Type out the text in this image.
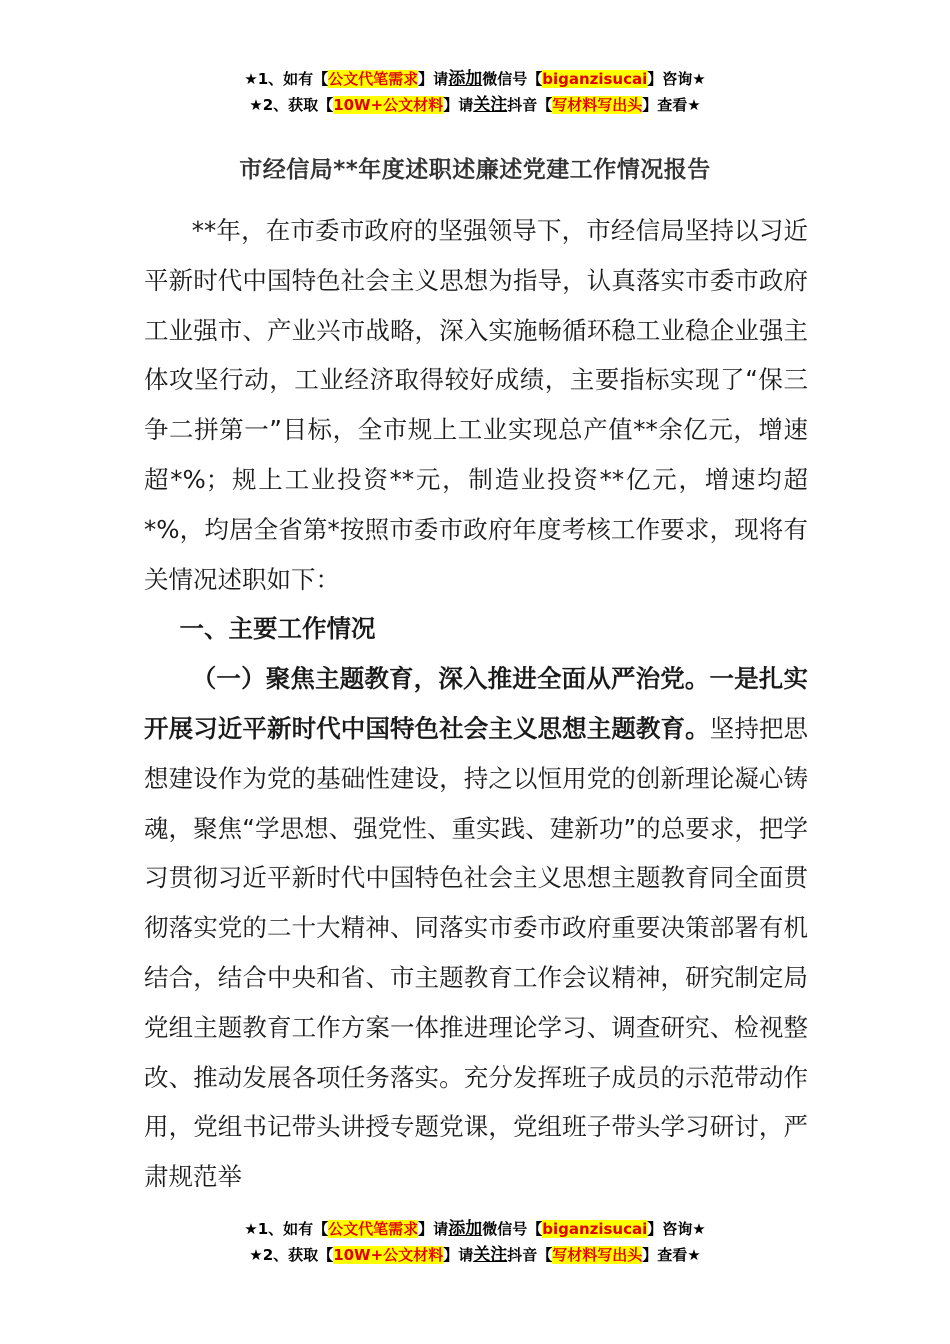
★1、如有【公文代笔需求】请添加微信号【biganzisucai】咨询★
★2、获取【10W+公文材料】请关注抖音【写材料写出头】查看★
市经信局**年度述职述廉述党建工作情况报告

**年，在市委市政府的坚强领导下，市经信局坚持以习近平新时代中国特色社会主义思想为指导，认真落实市委市政府工业强市、产业兴市战略，深入实施畅循环稳工业稳企业强主体攻坚行动，工业经济取得较好成绩，主要指标实现了“保三争二拼第一”目标，全市规上工业实现总产值**余亿元，增速超*%；规上工业投资**元，制造业投资**亿元，增速均超*%，均居全省第*按照市委市政府年度考核工作要求，现将有关情况述职如下：

一、主要工作情况

（一）聚焦主题教育，深入推进全面从严治党。一是扎实开展习近平新时代中国特色社会主义思想主题教育。坚持把思想建设作为党的基础性建设，持之以恒用党的创新理论凝心铸魂，聚焦“学思想、强党性、重实践、建新功”的总要求，把学习贯彻习近平新时代中国特色社会主义思想主题教育同全面贯彻落实党的二十大精神、同落实市委市政府重要决策部署有机结合，结合中央和省、市主题教育工作会议精神，研究制定局党组主题教育工作方案一体推进理论学习、调查研究、检视整改、推动发展各项任务落实。充分发挥班子成员的示范带动作用，党组书记带头讲授专题党课，党组班子带头学习研讨，严肃规范举

★1、如有【公文代笔需求】请添加微信号【biganzisucai】咨询★
★2、获取【10W+公文材料】请关注抖音【写材料写出头】查看★
